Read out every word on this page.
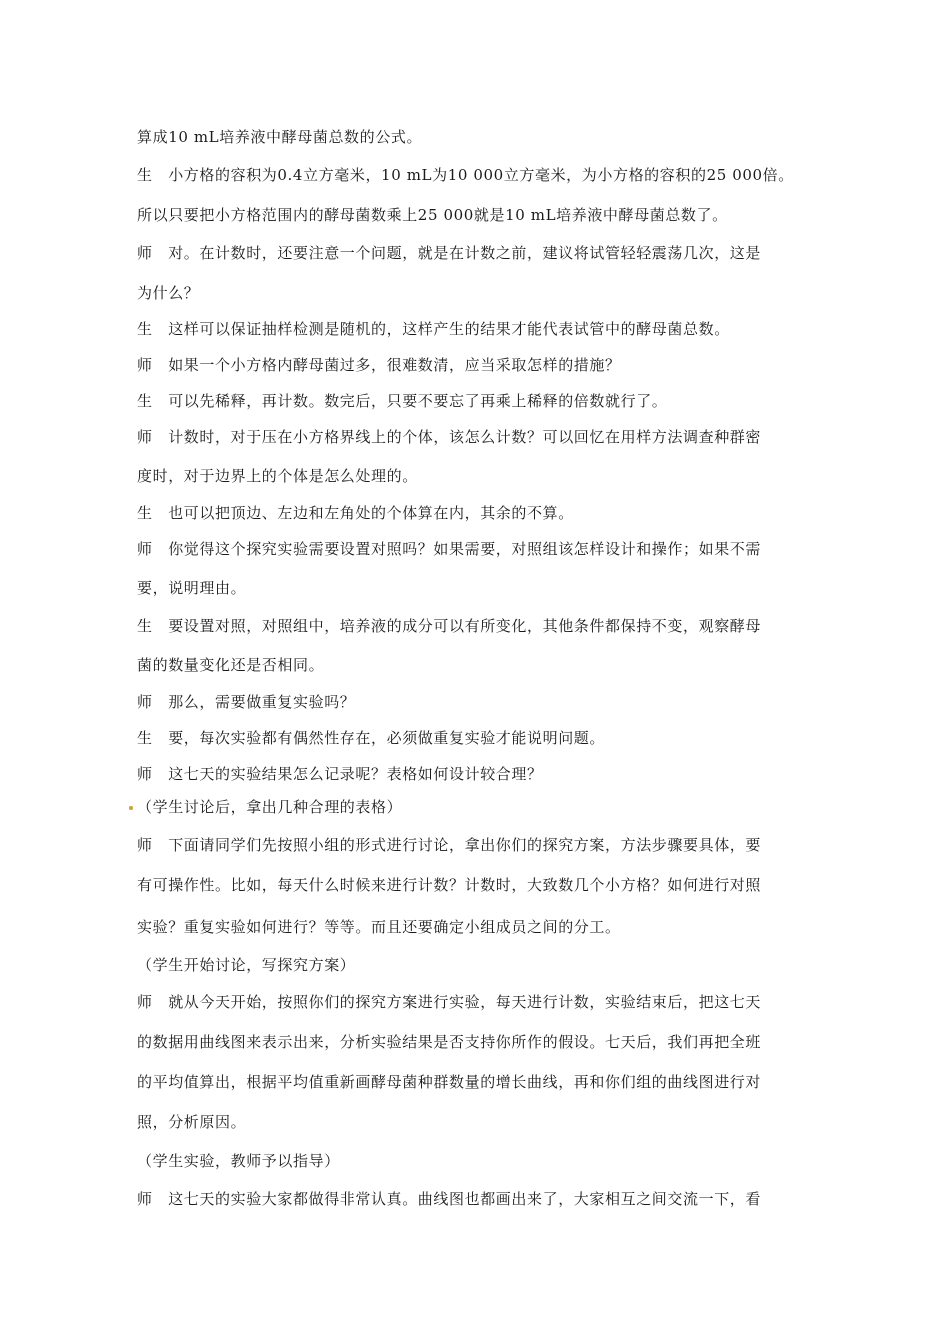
算成10 mL培养液中酵母菌总数的公式。
生　小方格的容积为0.4立方毫米，10 mL为10 000立方毫米，为小方格的容积的25 000倍。
所以只要把小方格范围内的酵母菌数乘上25 000就是10 mL培养液中酵母菌总数了。
师　对。在计数时，还要注意一个问题，就是在计数之前，建议将试管轻轻震荡几次，这是
为什么？
生　这样可以保证抽样检测是随机的，这样产生的结果才能代表试管中的酵母菌总数。
师　如果一个小方格内酵母菌过多，很难数清，应当采取怎样的措施？
生　可以先稀释，再计数。数完后，只要不要忘了再乘上稀释的倍数就行了。
师　计数时，对于压在小方格界线上的个体，该怎么计数？可以回忆在用样方法调查种群密
度时，对于边界上的个体是怎么处理的。
生　也可以把顶边、左边和左角处的个体算在内，其余的不算。
师　你觉得这个探究实验需要设置对照吗？如果需要，对照组该怎样设计和操作；如果不需
要，说明理由。
生　要设置对照，对照组中，培养液的成分可以有所变化，其他条件都保持不变，观察酵母
菌的数量变化还是否相同。
师　那么，需要做重复实验吗？
生　要，每次实验都有偶然性存在，必须做重复实验才能说明问题。
师　这七天的实验结果怎么记录呢？表格如何设计较合理？
（学生讨论后，拿出几种合理的表格）
师　下面请同学们先按照小组的形式进行讨论，拿出你们的探究方案，方法步骤要具体，要
有可操作性。比如，每天什么时候来进行计数？计数时，大致数几个小方格？如何进行对照
实验？重复实验如何进行？等等。而且还要确定小组成员之间的分工。
（学生开始讨论，写探究方案）
师　就从今天开始，按照你们的探究方案进行实验，每天进行计数，实验结束后，把这七天
的数据用曲线图来表示出来，分析实验结果是否支持你所作的假设。七天后，我们再把全班
的平均值算出，根据平均值重新画酵母菌种群数量的增长曲线，再和你们组的曲线图进行对
照，分析原因。
（学生实验，教师予以指导）
师　这七天的实验大家都做得非常认真。曲线图也都画出来了，大家相互之间交流一下，看
